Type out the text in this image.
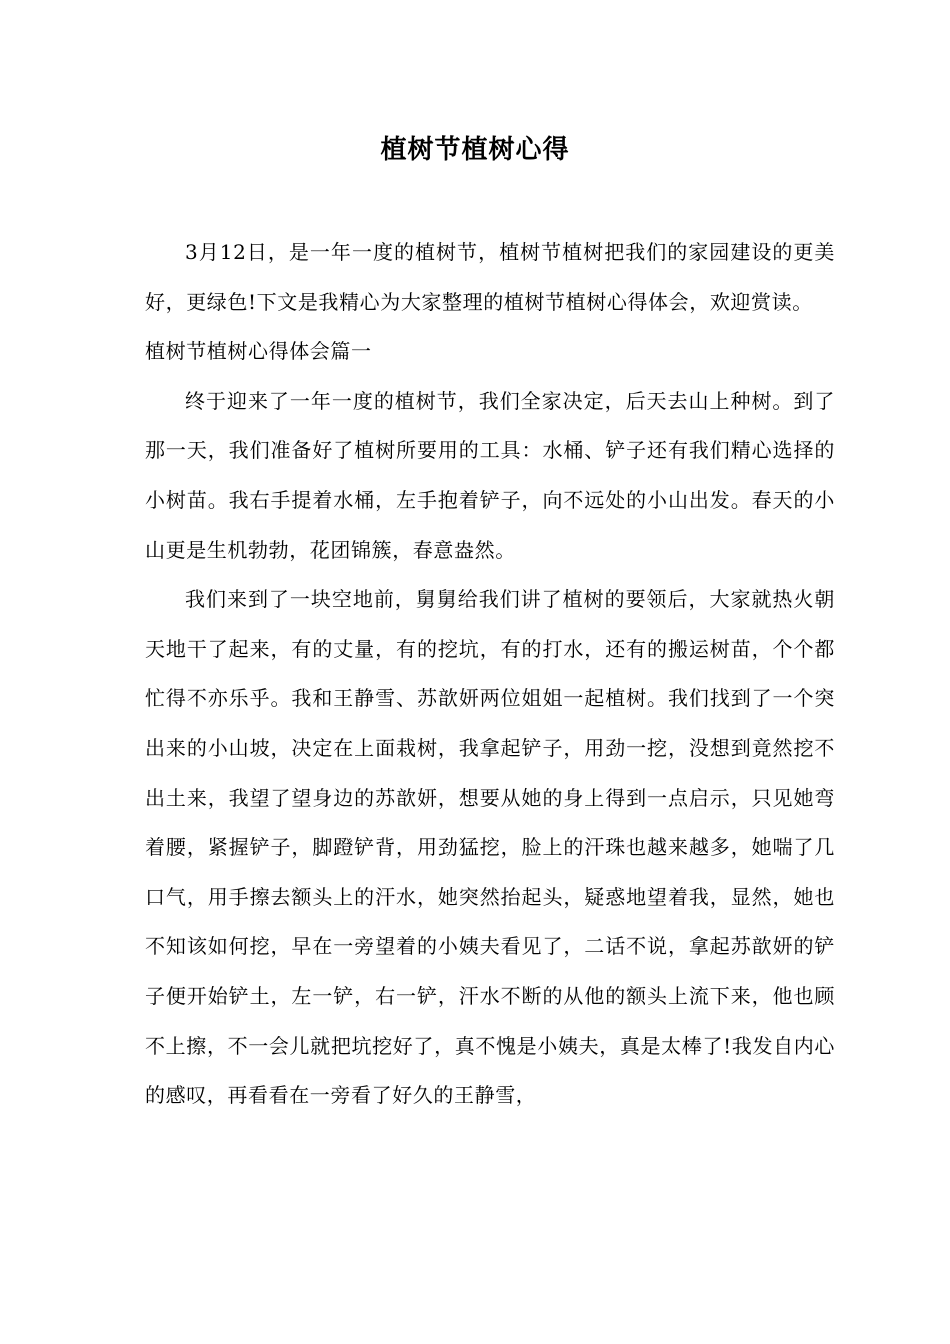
植树节植树心得

3月12日，是一年一度的植树节，植树节植树把我们的家园建设的更美好，更绿色!下文是我精心为大家整理的植树节植树心得体会，欢迎赏读。

植树节植树心得体会篇一

终于迎来了一年一度的植树节，我们全家决定，后天去山上种树。到了那一天，我们准备好了植树所要用的工具：水桶、铲子还有我们精心选择的小树苗。我右手提着水桶，左手抱着铲子，向不远处的小山出发。春天的小山更是生机勃勃，花团锦簇，春意盎然。

我们来到了一块空地前，舅舅给我们讲了植树的要领后，大家就热火朝天地干了起来，有的丈量，有的挖坑，有的打水，还有的搬运树苗，个个都忙得不亦乐乎。我和王静雪、苏歆妍两位姐姐一起植树。我们找到了一个突出来的小山坡，决定在上面栽树，我拿起铲子，用劲一挖，没想到竟然挖不出土来，我望了望身边的苏歆妍，想要从她的身上得到一点启示，只见她弯着腰，紧握铲子，脚蹬铲背，用劲猛挖，脸上的汗珠也越来越多，她喘了几口气，用手擦去额头上的汗水，她突然抬起头，疑惑地望着我，显然，她也不知该如何挖，早在一旁望着的小姨夫看见了，二话不说，拿起苏歆妍的铲子便开始铲土，左一铲，右一铲，汗水不断的从他的额头上流下来，他也顾不上擦，不一会儿就把坑挖好了，真不愧是小姨夫，真是太棒了!我发自内心的感叹，再看看在一旁看了好久的王静雪，
